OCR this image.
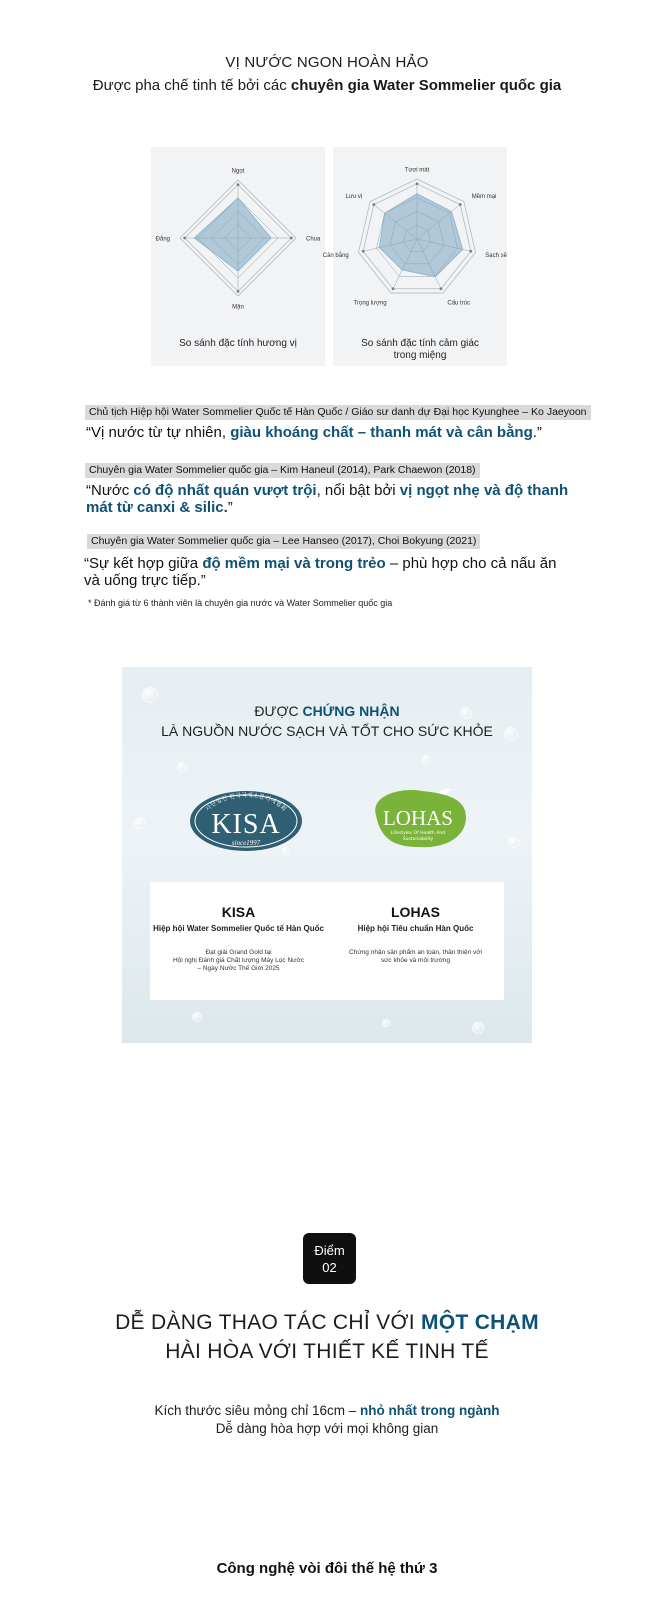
VỊ NƯỚC NGON HOÀN HẢO
Được pha chế tinh tế bởi các chuyên gia Water Sommelier quốc gia
Ngọt
Chua
Mặn
Đắng
So sánh đặc tính hương vị
Tươi mát
Mềm mại
Sạch sẽ
Cấu trúc
Trọng lượng
Cân bằng
Lưu vị
So sánh đặc tính cảm giác
trong miệng
Chủ tịch Hiệp hội Water Sommelier Quốc tế Hàn Quốc / Giáo sư danh dự Đại học Kyunghee – Ko Jaeyoon
“Vị nước từ tự nhiên, giàu khoáng chất – thanh mát và cân bằng.”
Chuyên gia Water Sommelier quốc gia – Kim Haneul (2014), Park Chaewon (2018)
“Nước có độ nhất quán vượt trội, nổi bật bởi vị ngọt nhẹ và độ thanh mát từ canxi & silic.”
Chuyên gia Water Sommelier quốc gia – Lee Hanseo (2017), Choi Bokyung (2021)
“Sự kết hợp giữa độ mềm mại và trong trẻo – phù hợp cho cả nấu ăn và uống trực tiếp.”
* Đánh giá từ 6 thành viên là chuyên gia nước và Water Sommelier quốc gia
ĐƯỢC CHỨNG NHẬN
LÀ NGUỒN NƯỚC SẠCH VÀ TỐT CHO SỨC KHỎE
사단법인 한국국제소믈리에협회
KISA
since1997
LOHAS
Lifestyles Of Health And
Sustainability
KISA
Hiệp hội Water Sommelier Quốc tế Hàn Quốc
Đạt giải Grand Gold tại
Hội nghị Đánh giá Chất lượng Máy Lọc Nước
– Ngày Nước Thế Giới 2025
LOHAS
Hiệp hội Tiêu chuẩn Hàn Quốc
Chứng nhận sản phẩm an toàn, thân thiện với
sức khỏe và môi trường
Điểm
02
DỄ DÀNG THAO TÁC CHỈ VỚI MỘT CHẠM
HÀI HÒA VỚI THIẾT KẾ TINH TẾ
Kích thước siêu mỏng chỉ 16cm – nhỏ nhất trong ngành
Dễ dàng hòa hợp với mọi không gian
Công nghệ vòi đôi thế hệ thứ 3
